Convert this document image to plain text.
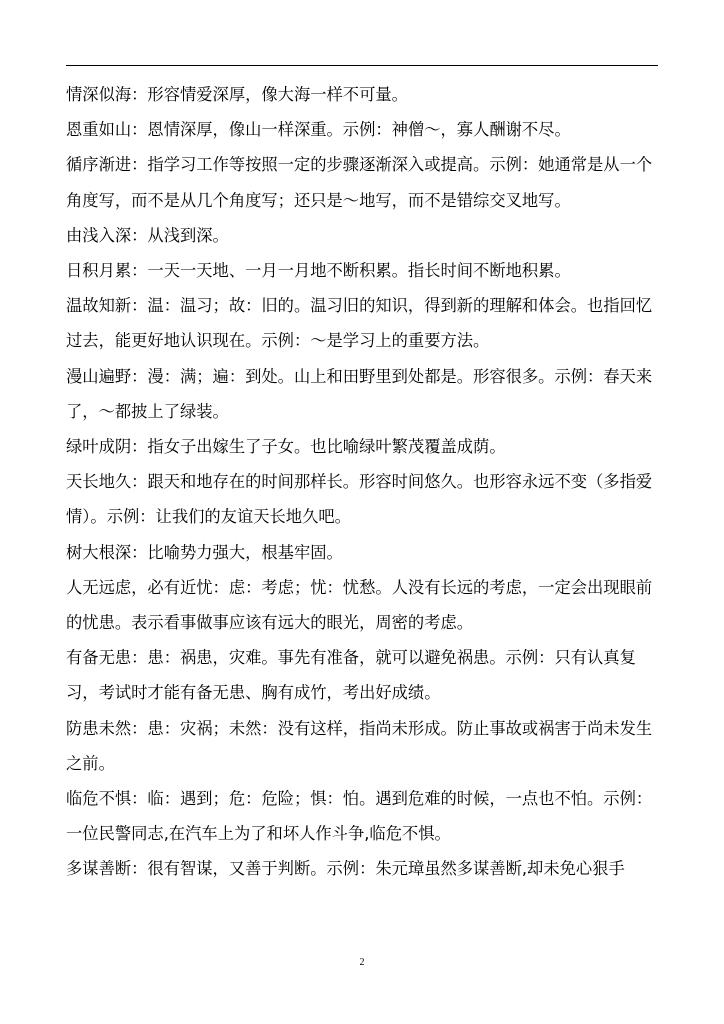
情深似海：形容情爱深厚，像大海一样不可量。

恩重如山：恩情深厚，像山一样深重。示例：神僧～，寡人酬谢不尽。

循序渐进：指学习工作等按照一定的步骤逐渐深入或提高。示例：她通常是从一个角度写，而不是从几个角度写；还只是～地写，而不是错综交叉地写。

由浅入深：从浅到深。

日积月累：一天一天地、一月一月地不断积累。指长时间不断地积累。

温故知新：温：温习；故：旧的。温习旧的知识，得到新的理解和体会。也指回忆过去，能更好地认识现在。示例：～是学习上的重要方法。

漫山遍野：漫：满；遍：到处。山上和田野里到处都是。形容很多。示例：春天来了，～都披上了绿装。

绿叶成阴：指女子出嫁生了子女。也比喻绿叶繁茂覆盖成荫。

天长地久：跟天和地存在的时间那样长。形容时间悠久。也形容永远不变（多指爱情）。示例：让我们的友谊天长地久吧。

树大根深：比喻势力强大，根基牢固。

人无远虑，必有近忧：虑：考虑；忧：忧愁。人没有长远的考虑，一定会出现眼前的忧患。表示看事做事应该有远大的眼光，周密的考虑。

有备无患：患：祸患，灾难。事先有准备，就可以避免祸患。示例：只有认真复习，考试时才能有备无患、胸有成竹，考出好成绩。

防患未然：患：灾祸；未然：没有这样，指尚未形成。防止事故或祸害于尚未发生之前。

临危不惧：临：遇到；危：危险；惧：怕。遇到危难的时候，一点也不怕。示例：一位民警同志,在汽车上为了和坏人作斗争,临危不惧。

多谋善断：很有智谋，又善于判断。示例：朱元璋虽然多谋善断,却未免心狠手

2
